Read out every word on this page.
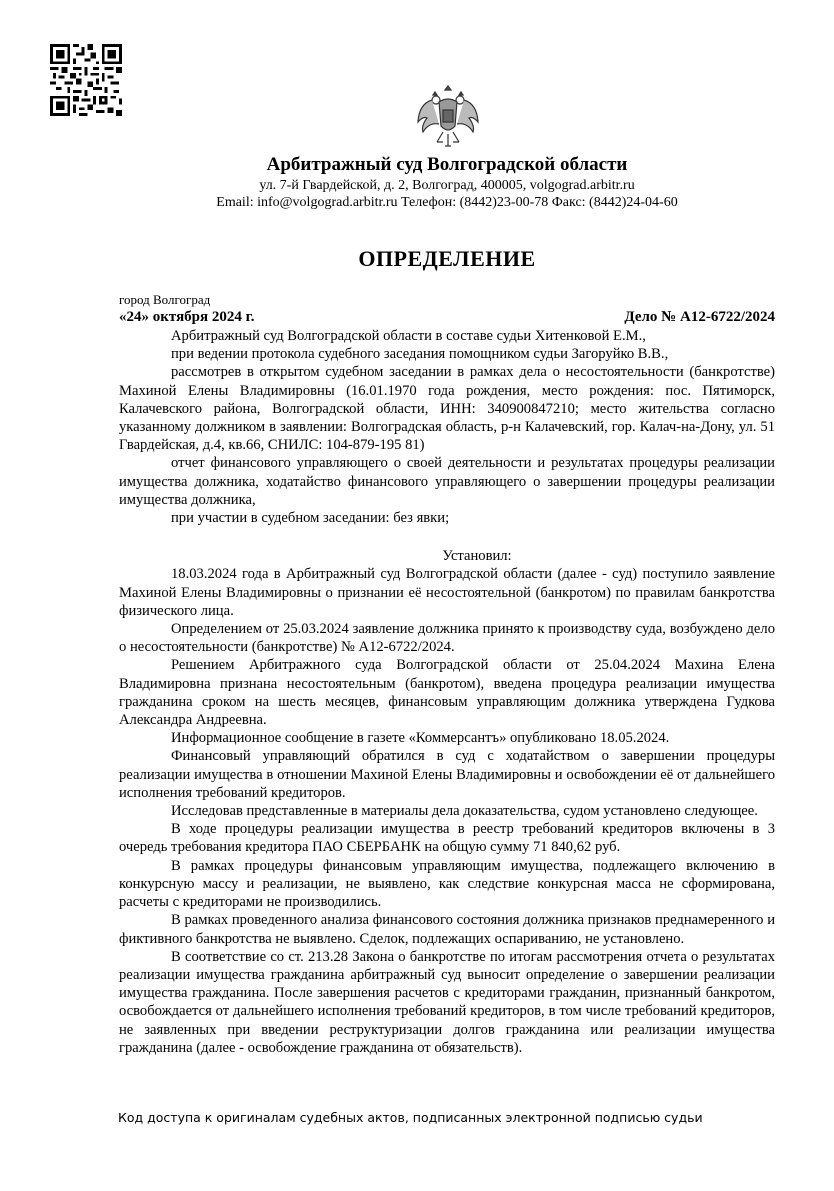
Арбитражный суд Волгоградской области
ул. 7-й Гвардейской, д. 2, Волгоград, 400005, volgograd.arbitr.ru
Email: info@volgograd.arbitr.ru Телефон: (8442)23-00-78 Факс: (8442)24-04-60
ОПРЕДЕЛЕНИЕ
город Волгоград
«24» октября 2024 г.	Дело № А12-6722/2024

Арбитражный суд Волгоградской области в составе судьи Хитенковой Е.М.,

при ведении протокола судебного заседания помощником судьи Загоруйко В.В.,

рассмотрев в открытом судебном заседании в рамках дела о несостоятельности (банкротстве) Махиной Елены Владимировны (16.01.1970 года рождения, место рождения: пос. Пятиморск, Калачевского района, Волгоградской области, ИНН: 340900847210; место жительства согласно указанному должником в заявлении: Волгоградская область, р-н Калачевский, гор. Калач-на-Дону, ул. 51 Гвардейская, д.4, кв.66, СНИЛС: 104-879-195 81)

отчет финансового управляющего о своей деятельности и результатах процедуры реализации имущества должника, ходатайство финансового управляющего о завершении процедуры реализации имущества должника,

при участии в судебном заседании: без явки;

Установил:

18.03.2024 года в Арбитражный суд Волгоградской области (далее - суд) поступило заявление Махиной Елены Владимировны о признании её несостоятельной (банкротом) по правилам банкротства физического лица.

Определением от 25.03.2024 заявление должника принято к производству суда, возбуждено дело о несостоятельности (банкротстве) № А12-6722/2024.

Решением Арбитражного суда Волгоградской области от 25.04.2024 Махина Елена Владимировна признана несостоятельным (банкротом), введена процедура реализации имущества гражданина сроком на шесть месяцев, финансовым управляющим должника утверждена Гудкова Александра Андреевна.

Информационное сообщение в газете «Коммерсантъ» опубликовано 18.05.2024.

Финансовый управляющий обратился в суд с ходатайством о завершении процедуры реализации имущества в отношении Махиной Елены Владимировны и освобождении её от дальнейшего исполнения требований кредиторов.

Исследовав представленные в материалы дела доказательства, судом установлено следующее.

В ходе процедуры реализации имущества в реестр требований кредиторов включены в 3 очередь требования кредитора ПАО СБЕРБАНК на общую сумму 71 840,62 руб.

В рамках процедуры финансовым управляющим имущества, подлежащего включению в конкурсную массу и реализации, не выявлено, как следствие конкурсная масса не сформирована, расчеты с кредиторами не производились.

В рамках проведенного анализа финансового состояния должника признаков преднамеренного и фиктивного банкротства не выявлено. Сделок, подлежащих оспариванию, не установлено.

В соответствие со ст. 213.28 Закона о банкротстве по итогам рассмотрения отчета о результатах реализации имущества гражданина арбитражный суд выносит определение о завершении реализации имущества гражданина. После завершения расчетов с кредиторами гражданин, признанный банкротом, освобождается от дальнейшего исполнения требований кредиторов, в том числе требований кредиторов, не заявленных при введении реструктуризации долгов гражданина или реализации имущества гражданина (далее - освобождение гражданина от обязательств).

Код доступа к оригиналам судебных актов, подписанных электронной подписью судьи
